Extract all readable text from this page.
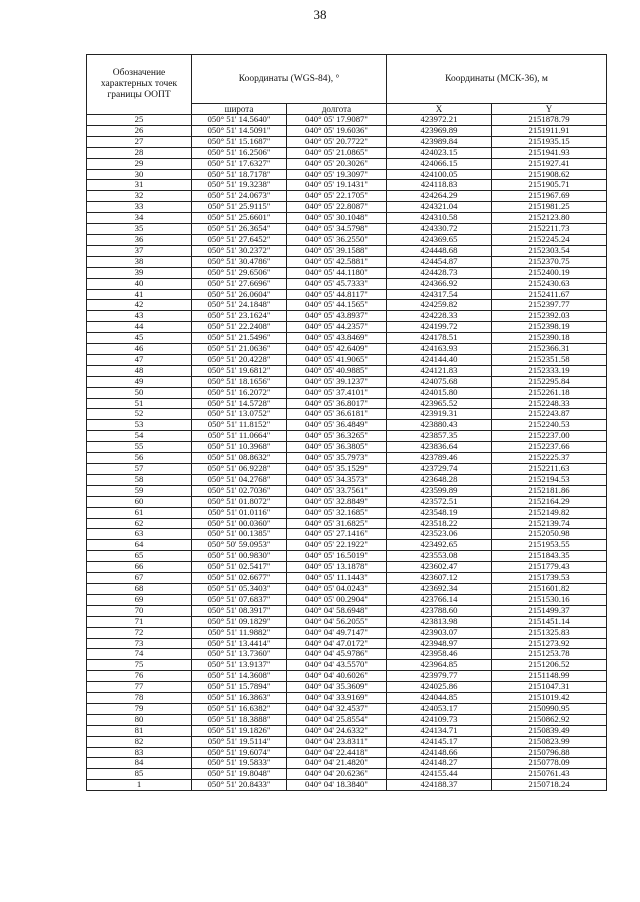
38
Обозначение характерных точек границы ООПТ	Координаты (WGS-84), °		Координаты (МСК-36), м	
	широта	долгота	X	Y
25	050° 51' 14.5640"	040° 05' 17.9087"	423972.21	2151878.79
26	050° 51' 14.5091"	040° 05' 19.6036"	423969.89	2151911.91
27	050° 51' 15.1687"	040° 05' 20.7722"	423989.84	2151935.15
28	050° 51' 16.2506"	040° 05' 21.0865"	424023.15	2151941.93
29	050° 51' 17.6327"	040° 05' 20.3026"	424066.15	2151927.41
30	050° 51' 18.7178"	040° 05' 19.3097"	424100.05	2151908.62
31	050° 51' 19.3238"	040° 05' 19.1431"	424118.83	2151905.71
32	050° 51' 24.0673"	040° 05' 22.1705"	424264.29	2151967.69
33	050° 51' 25.9115"	040° 05' 22.8087"	424321.04	2151981.25
34	050° 51' 25.6601"	040° 05' 30.1048"	424310.58	2152123.80
35	050° 51' 26.3654"	040° 05' 34.5798"	424330.72	2152211.73
36	050° 51' 27.6452"	040° 05' 36.2550"	424369.65	2152245.24
37	050° 51' 30.2372"	040° 05' 39.1588"	424448.68	2152303.54
38	050° 51' 30.4786"	040° 05' 42.5881"	424454.87	2152370.75
39	050° 51' 29.6506"	040° 05' 44.1180"	424428.73	2152400.19
40	050° 51' 27.6696"	040° 05' 45.7333"	424366.92	2152430.63
41	050° 51' 26.0604"	040° 05' 44.8117"	424317.54	2152411.67
42	050° 51' 24.1848"	040° 05' 44.1565"	424259.82	2152397.77
43	050° 51' 23.1624"	040° 05' 43.8937"	424228.33	2152392.03
44	050° 51' 22.2408"	040° 05' 44.2357"	424199.72	2152398.19
45	050° 51' 21.5496"	040° 05' 43.8469"	424178.51	2152390.18
46	050° 51' 21.0636"	040° 05' 42.6409"	424163.93	2152366.31
47	050° 51' 20.4228"	040° 05' 41.9065"	424144.40	2152351.58
48	050° 51' 19.6812"	040° 05' 40.9885"	424121.83	2152333.19
49	050° 51' 18.1656"	040° 05' 39.1237"	424075.68	2152295.84
50	050° 51' 16.2072"	040° 05' 37.4101"	424015.80	2152261.18
51	050° 51' 14.5728"	040° 05' 36.8017"	423965.52	2152248.33
52	050° 51' 13.0752"	040° 05' 36.6181"	423919.31	2152243.87
53	050° 51' 11.8152"	040° 05' 36.4849"	423880.43	2152240.53
54	050° 51' 11.0664"	040° 05' 36.3265"	423857.35	2152237.00
55	050° 51' 10.3968"	040° 05' 36.3805"	423836.64	2152237.66
56	050° 51' 08.8632"	040° 05' 35.7973"	423789.46	2152225.37
57	050° 51' 06.9228"	040° 05' 35.1529"	423729.74	2152211.63
58	050° 51' 04.2768"	040° 05' 34.3573"	423648.28	2152194.53
59	050° 51' 02.7036"	040° 05' 33.7561"	423599.89	2152181.86
60	050° 51' 01.8072"	040° 05' 32.8849"	423572.51	2152164.29
61	050° 51' 01.0116"	040° 05' 32.1685"	423548.19	2152149.82
62	050° 51' 00.0360"	040° 05' 31.6825"	423518.22	2152139.74
63	050° 51' 00.1385"	040° 05' 27.1416"	423523.06	2152050.98
64	050° 50' 59.0953"	040° 05' 22.1922"	423492.65	2151953.55
65	050° 51' 00.9830"	040° 05' 16.5019"	423553.08	2151843.35
66	050° 51' 02.5417"	040° 05' 13.1878"	423602.47	2151779.43
67	050° 51' 02.6677"	040° 05' 11.1443"	423607.12	2151739.53
68	050° 51' 05.3403"	040° 05' 04.0243"	423692.34	2151601.82
69	050° 51' 07.6837"	040° 05' 00.2904"	423766.14	2151530.16
70	050° 51' 08.3917"	040° 04' 58.6948"	423788.60	2151499.37
71	050° 51' 09.1829"	040° 04' 56.2055"	423813.98	2151451.14
72	050° 51' 11.9882"	040° 04' 49.7147"	423903.07	2151325.83
73	050° 51' 13.4414"	040° 04' 47.0172"	423948.97	2151273.92
74	050° 51' 13.7360"	040° 04' 45.9786"	423958.46	2151253.78
75	050° 51' 13.9137"	040° 04' 43.5570"	423964.85	2151206.52
76	050° 51' 14.3608"	040° 04' 40.6026"	423979.77	2151148.99
77	050° 51' 15.7894"	040° 04' 35.3609"	424025.86	2151047.31
78	050° 51' 16.3863"	040° 04' 33.9169"	424044.85	2151019.42
79	050° 51' 16.6382"	040° 04' 32.4537"	424053.17	2150990.95
80	050° 51' 18.3888"	040° 04' 25.8554"	424109.73	2150862.92
81	050° 51' 19.1826"	040° 04' 24.6332"	424134.71	2150839.49
82	050° 51' 19.5114"	040° 04' 23.8311"	424145.17	2150823.99
83	050° 51' 19.6074"	040° 04' 22.4418"	424148.66	2150796.88
84	050° 51' 19.5833"	040° 04' 21.4820"	424148.27	2150778.09
85	050° 51' 19.8048"	040° 04' 20.6236"	424155.44	2150761.43
1	050° 51' 20.8433"	040° 04' 18.3840"	424188.37	2150718.24
